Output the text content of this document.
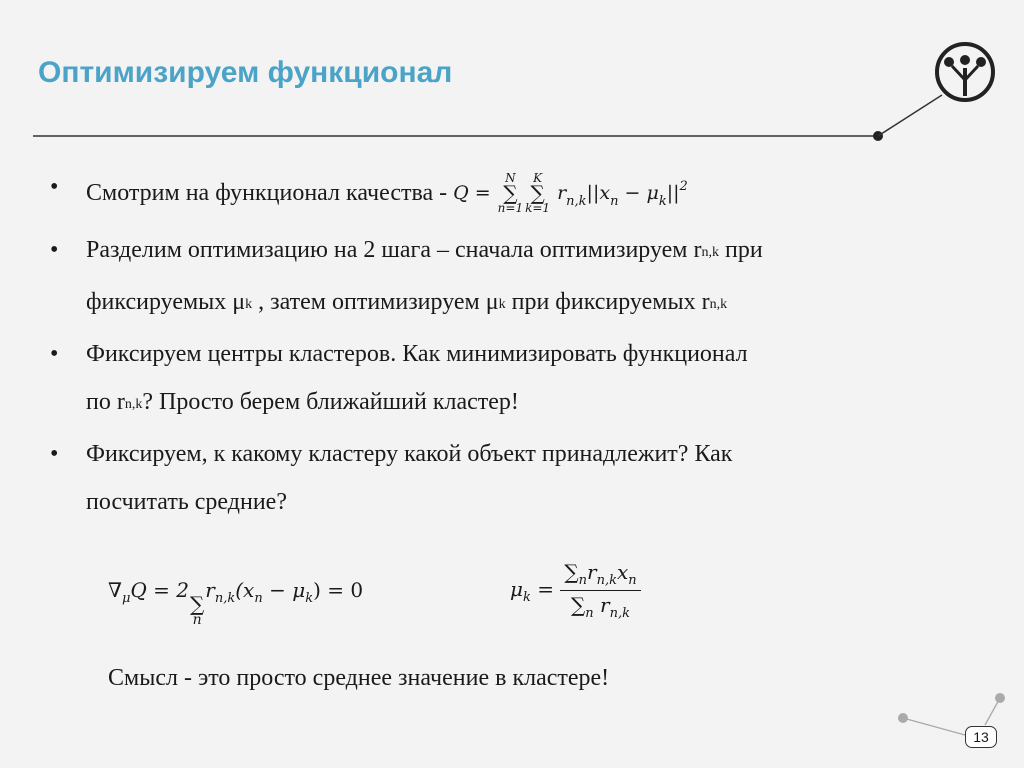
Оптимизируем функционал
• Смотрим на функционал качества - Q =
N
∑
n=1
K
∑
k=1
$r_{n,k}||x_n - \mu_k||^2$
• Разделим оптимизацию на 2 шага – сначала оптимизируем rn,k при
фиксируемых μk , затем оптимизируем μk при фиксируемых rn,k
• Фиксируем центры кластеров. Как минимизировать функционал
по rn,k? Просто берем ближайший кластер!
• Фиксируем, к какому кластеру какой объект принадлежит? Как
посчитать средние?
$\nabla_\mu Q = 2$
∑
n
$r_{n,k}(x_n - \mu_k) = 0$	$\mu_k = \frac{\sum_nr_{n,k}x_n}{\sum_n r_{n,k}}$
Смысл - это просто среднее значение в кластере!
13
